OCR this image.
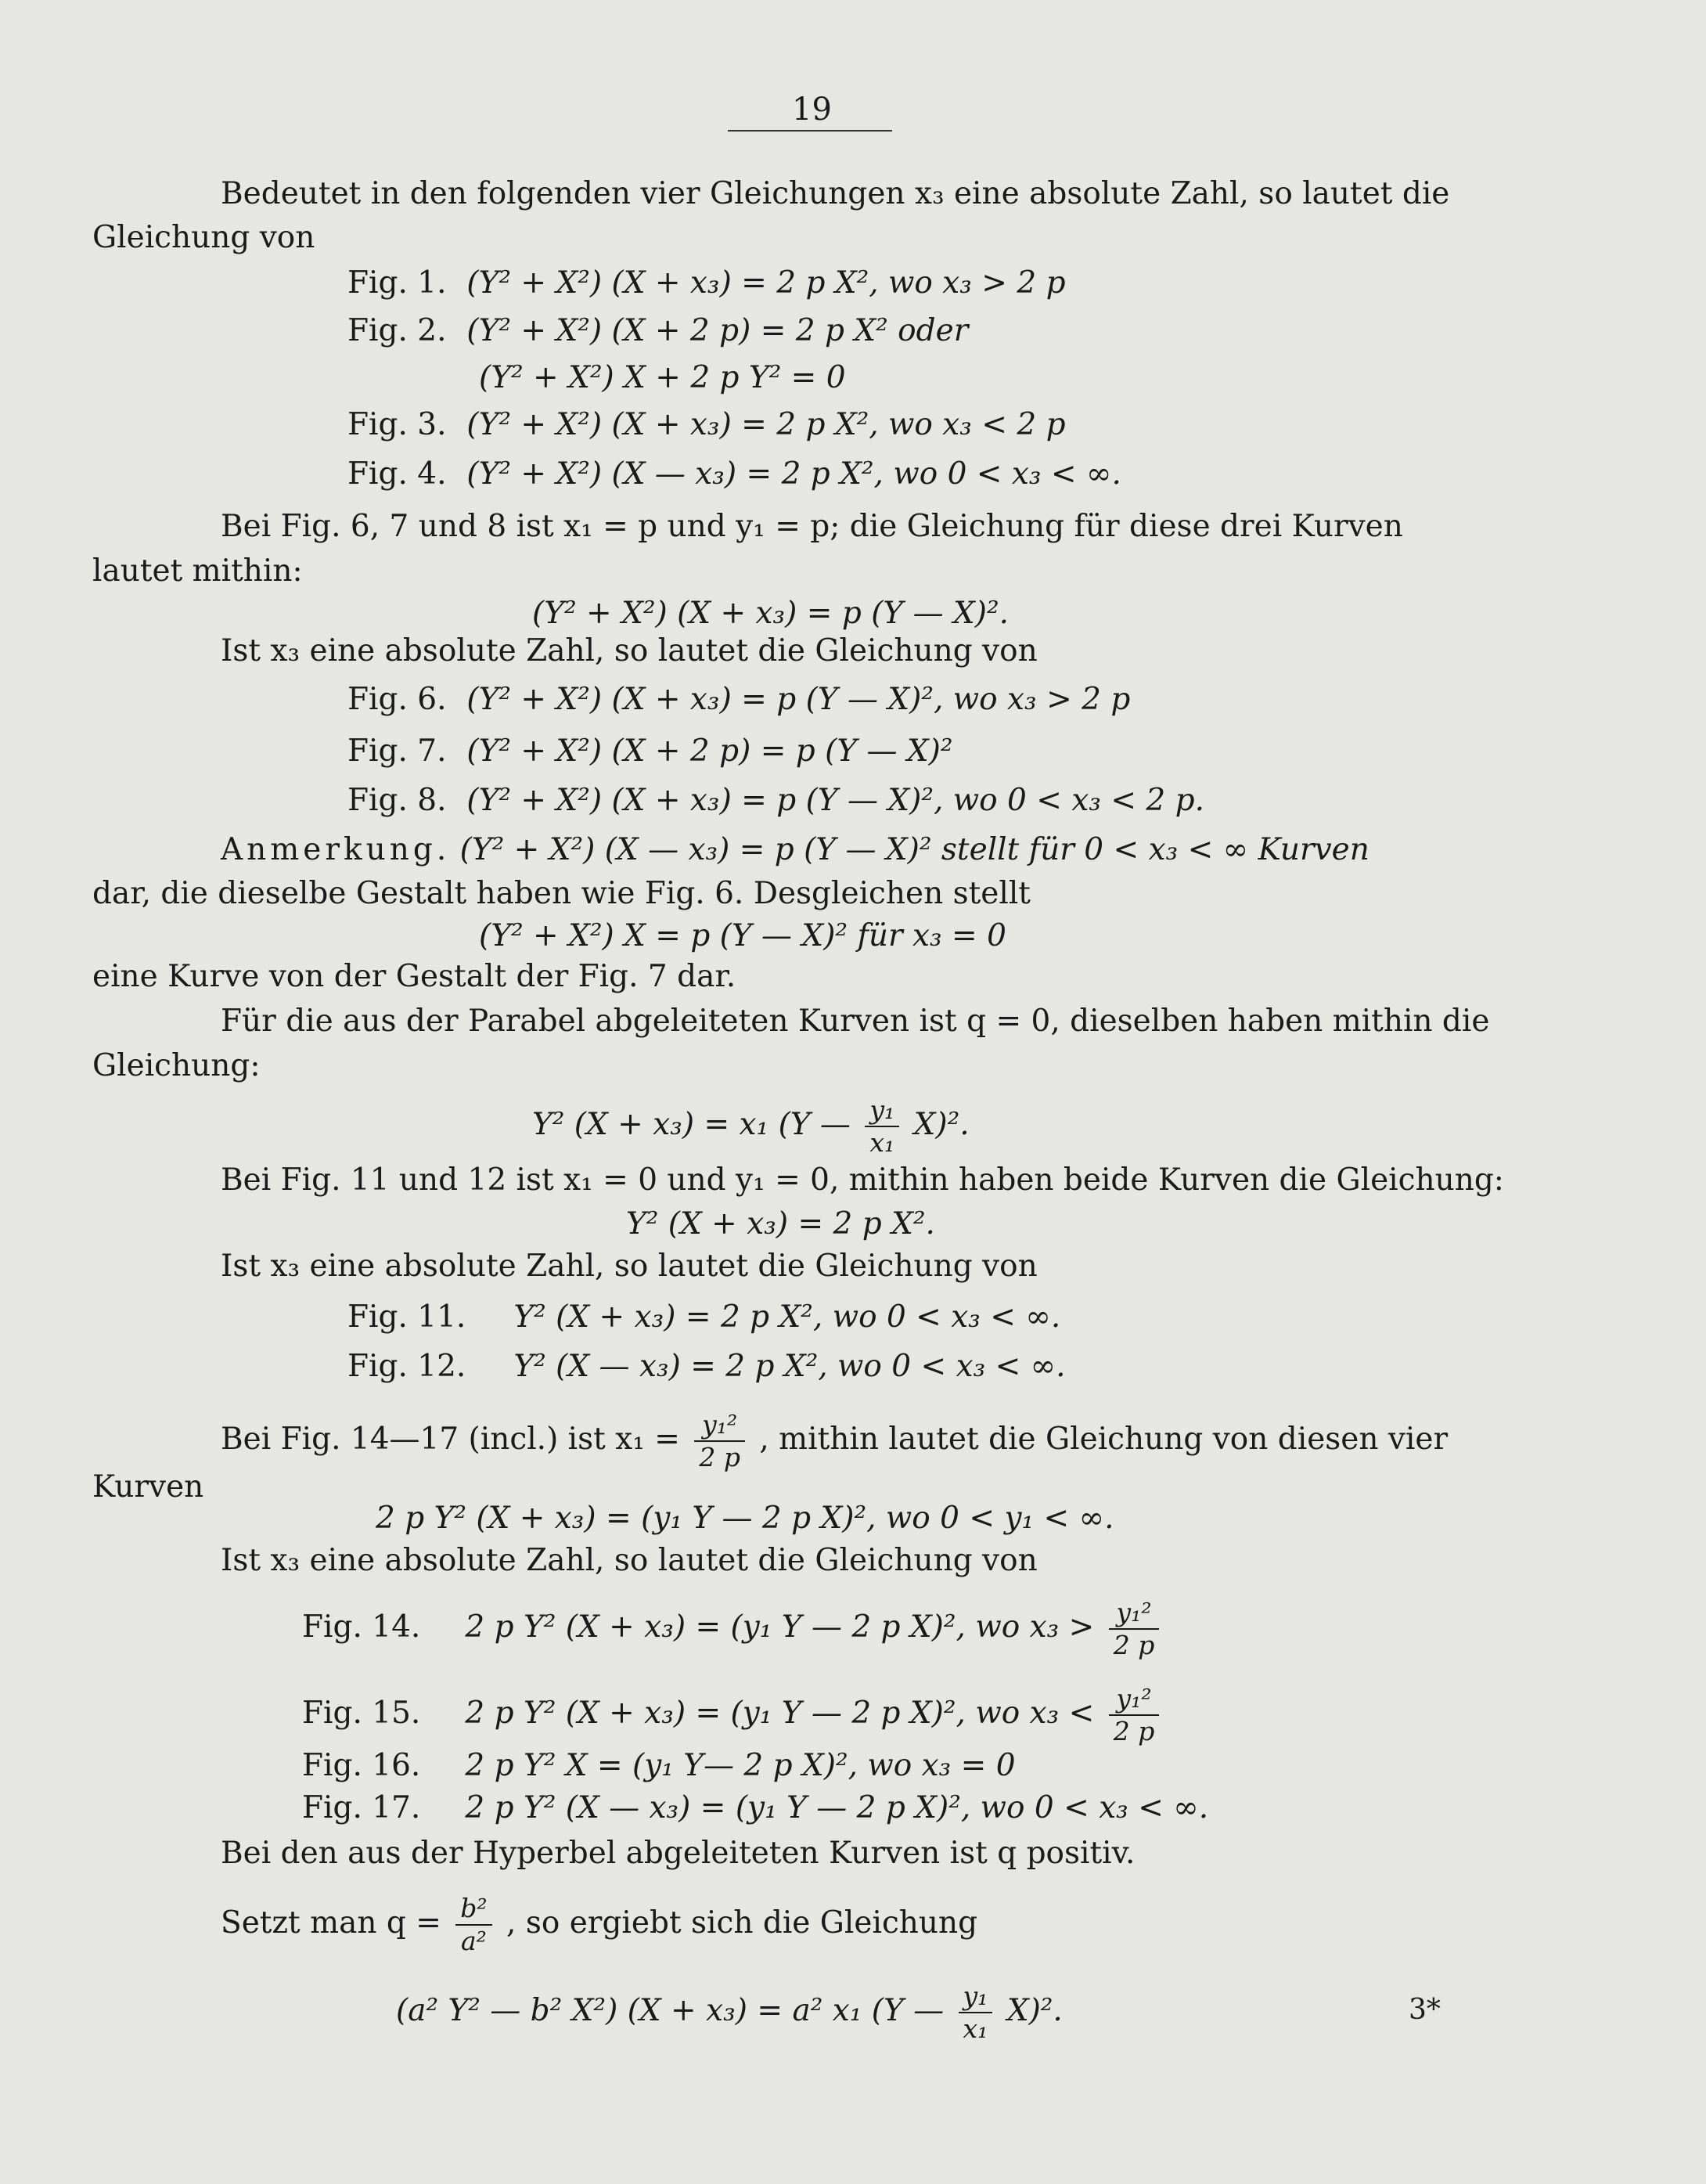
19
Bedeutet in den folgenden vier Gleichungen x₃ eine absolute Zahl, so lautet die
Gleichung von
Fig. 1. (Y² + X²) (X + x₃) = 2 p X², wo x₃ > 2 p
Fig. 2. (Y² + X²) (X + 2 p) = 2 p X² oder
(Y² + X²) X + 2 p Y² = 0
Fig. 3. (Y² + X²) (X + x₃) = 2 p X², wo x₃ < 2 p
Fig. 4. (Y² + X²) (X — x₃) = 2 p X², wo 0 < x₃ < ∞.
Bei Fig. 6, 7 und 8 ist x₁ = p und y₁ = p; die Gleichung für diese drei Kurven
lautet mithin:
(Y² + X²) (X + x₃) = p (Y — X)².
Ist x₃ eine absolute Zahl, so lautet die Gleichung von
Fig. 6. (Y² + X²) (X + x₃) = p (Y — X)², wo x₃ > 2 p
Fig. 7. (Y² + X²) (X + 2 p) = p (Y — X)²
Fig. 8. (Y² + X²) (X + x₃) = p (Y — X)², wo 0 < x₃ < 2 p.
Anmerkung. (Y² + X²) (X — x₃) = p (Y — X)² stellt für 0 < x₃ < ∞ Kurven
dar, die dieselbe Gestalt haben wie Fig. 6. Desgleichen stellt
(Y² + X²) X = p (Y — X)² für x₃ = 0
eine Kurve von der Gestalt der Fig. 7 dar.
Für die aus der Parabel abgeleiteten Kurven ist q = 0, dieselben haben mithin die
Gleichung:
Y² (X + x₃) = x₁ (Y — $\frac{\text{y₁}}{\text{x₁}} X)^2$.
Bei Fig. 11 und 12 ist x₁ = 0 und y₁ = 0, mithin haben beide Kurven die Gleichung:
Y² (X + x₃) = 2 p X².
Ist x₃ eine absolute Zahl, so lautet die Gleichung von
Fig. 11. Y² (X + x₃) = 2 p X², wo 0 < x₃ < ∞.
Fig. 12. Y² (X — x₃) = 2 p X², wo 0 < x₃ < ∞.
Bei Fig. 14—17 (incl.) ist $x_1 = \frac{\text{y₁²}}{2 p}$ , mithin lautet die Gleichung von diesen vier
Kurven
2 p Y² (X + x₃) = (y₁ Y — 2 p X)², wo 0 < y₁ < ∞.
Ist x₃ eine absolute Zahl, so lautet die Gleichung von
Fig. 14. 2 p Y² (X + x₃) = (y₁ Y — 2 p X)², wo $x_3 > \frac{\text{y₁²}}{2 p}$
Fig. 15. 2 p Y² (X + x₃) = (y₁ Y — 2 p X)², wo $x_3 < \frac{\text{y₁²}}{2 p}$
Fig. 16. 2 p Y² X = (y₁ Y— 2 p X)², wo x₃ = 0
Fig. 17. 2 p Y² (X — x₃) = (y₁ Y — 2 p X)², wo 0 < x₃ < ∞.
Bei den aus der Hyperbel abgeleiteten Kurven ist q positiv.
Setzt man $q = \frac{\text{b²}}{\text{a²}}$ , so ergiebt sich die Gleichung
(a² Y² — b² X²) (X + x₃) = a² x₁ (Y — $\frac{\text{y₁}}{\text{x₁}} X)^2$.	3*
